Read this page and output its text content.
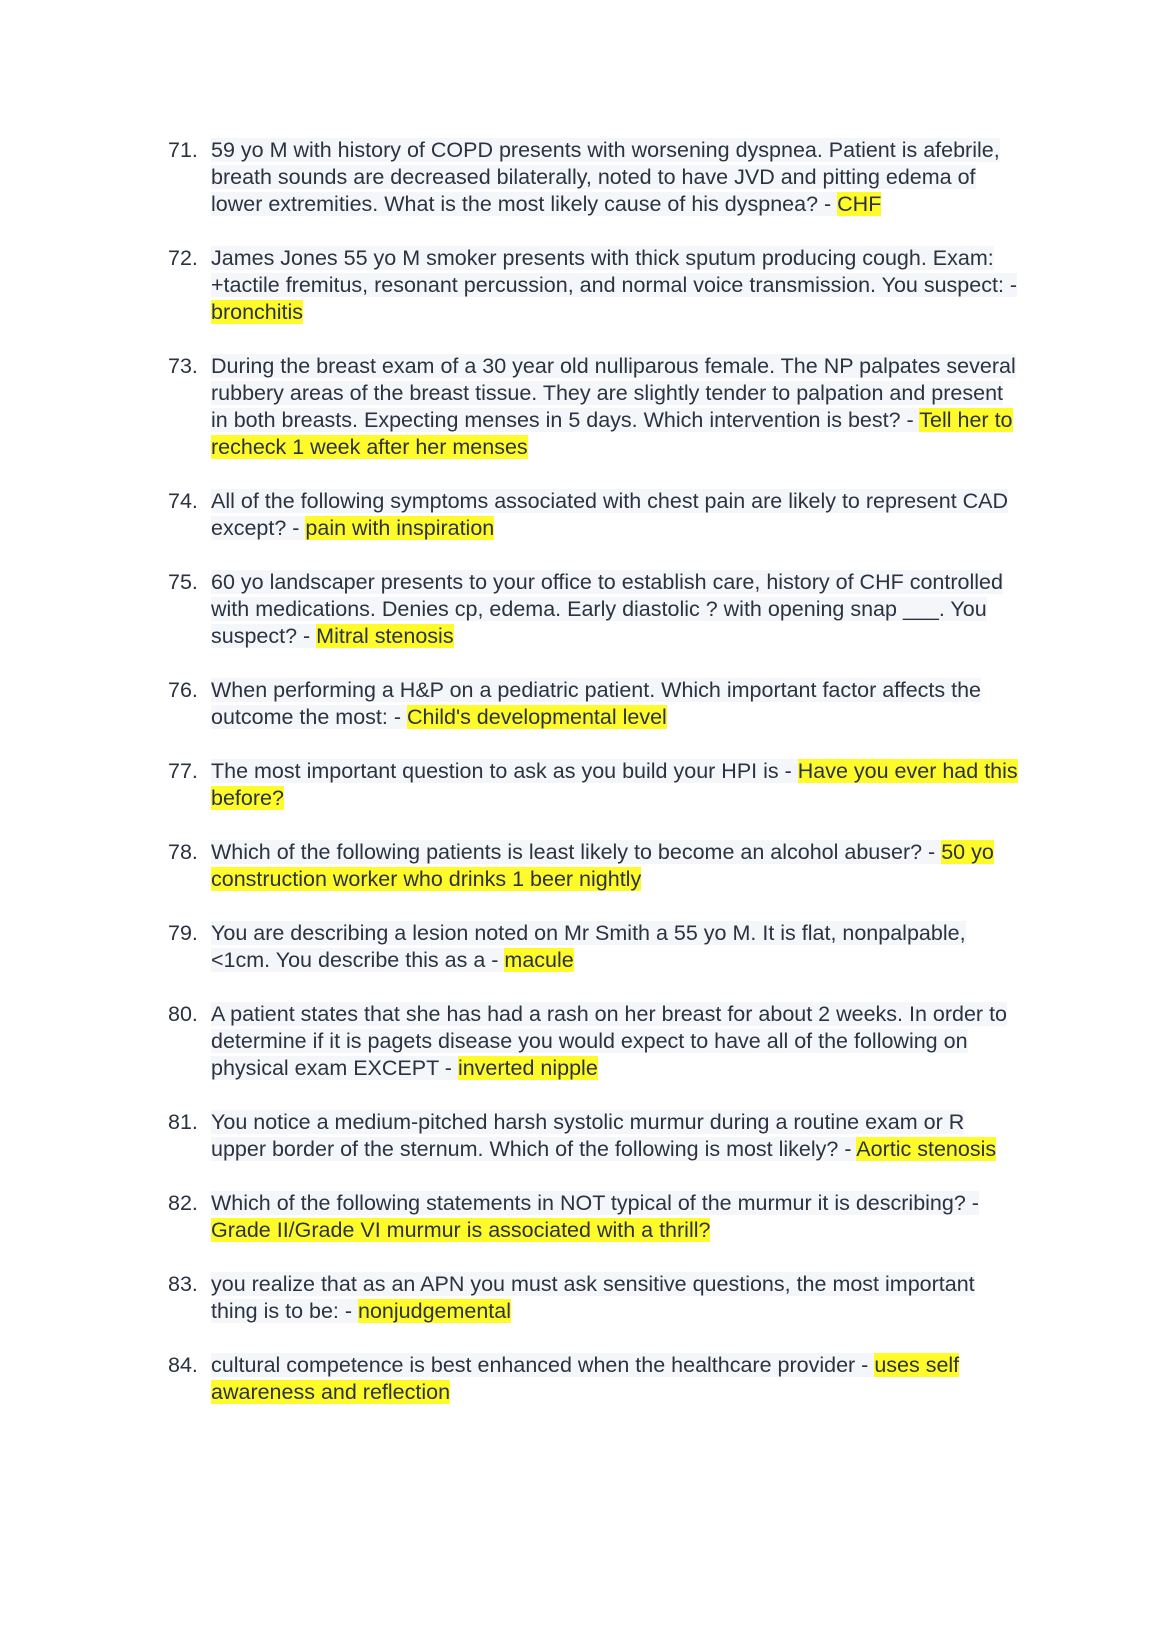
71. 59 yo M with history of COPD presents with worsening dyspnea. Patient is afebrile, breath sounds are decreased bilaterally, noted to have JVD and pitting edema of lower extremities. What is the most likely cause of his dyspnea? - CHF
72. James Jones 55 yo M smoker presents with thick sputum producing cough. Exam: +tactile fremitus, resonant percussion, and normal voice transmission. You suspect: - bronchitis
73. During the breast exam of a 30 year old nulliparous female. The NP palpates several rubbery areas of the breast tissue. They are slightly tender to palpation and present in both breasts. Expecting menses in 5 days. Which intervention is best? - Tell her to recheck 1 week after her menses
74. All of the following symptoms associated with chest pain are likely to represent CAD except? - pain with inspiration
75. 60 yo landscaper presents to your office to establish care, history of CHF controlled with medications. Denies cp, edema. Early diastolic ? with opening snap ___. You suspect? - Mitral stenosis
76. When performing a H&P on a pediatric patient. Which important factor affects the outcome the most: - Child's developmental level
77. The most important question to ask as you build your HPI is - Have you ever had this before?
78. Which of the following patients is least likely to become an alcohol abuser? - 50 yo construction worker who drinks 1 beer nightly
79. You are describing a lesion noted on Mr Smith a 55 yo M. It is flat, nonpalpable, <1cm. You describe this as a - macule
80. A patient states that she has had a rash on her breast for about 2 weeks. In order to determine if it is pagets disease you would expect to have all of the following on physical exam EXCEPT - inverted nipple
81. You notice a medium-pitched harsh systolic murmur during a routine exam or R upper border of the sternum. Which of the following is most likely? - Aortic stenosis
82. Which of the following statements in NOT typical of the murmur it is describing? - Grade II/Grade VI murmur is associated with a thrill?
83. you realize that as an APN you must ask sensitive questions, the most important thing is to be: - nonjudgemental
84. cultural competence is best enhanced when the healthcare provider - uses self awareness and reflection
